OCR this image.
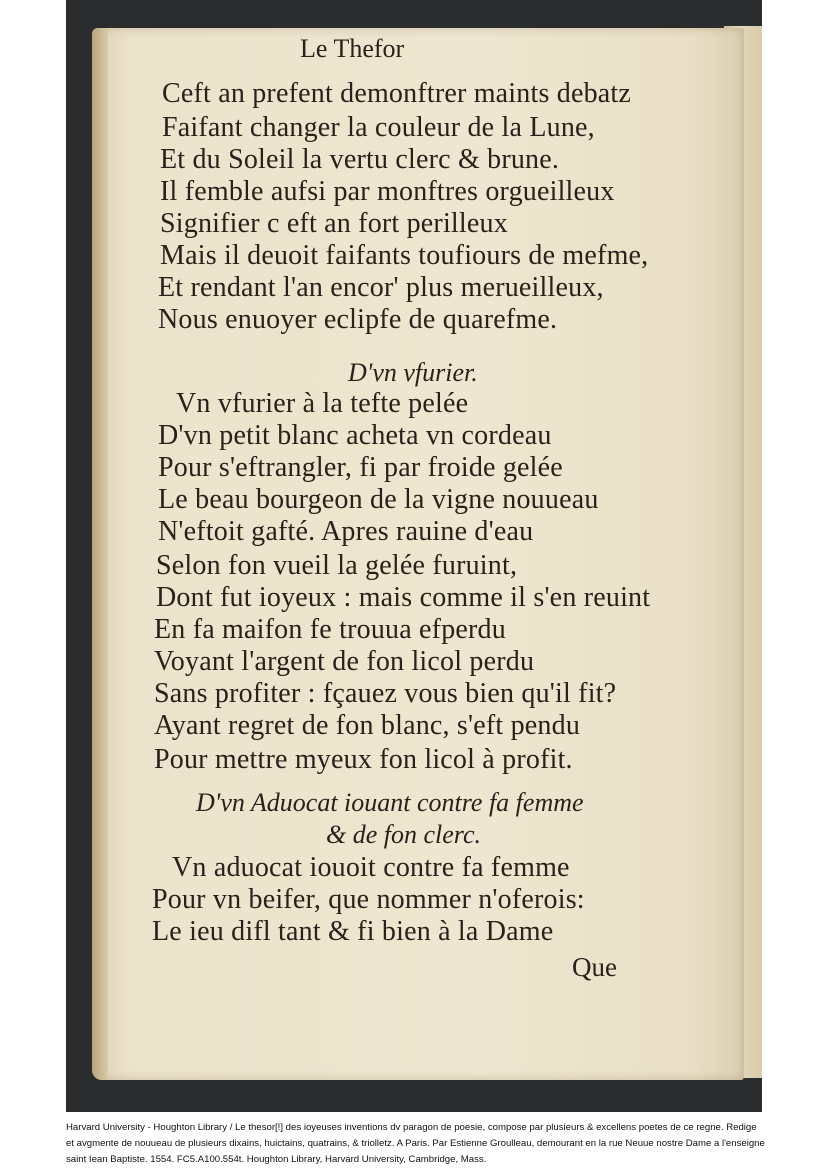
Le Thefor
Ceft an prefent demonftrer maints debatz
Faifant changer la couleur de la Lune,
Et du Soleil la vertu clerc & brune.
Il femble aufsi par monftres orgueilleux
Signifier c eft an fort perilleux
Mais il deuoit faifants toufiours de mefme,
Et rendant l'an encor' plus merueilleux,
Nous enuoyer eclipfe de quarefme.
D'vn vfurier.
Vn vfurier à la tefte pelée
D'vn petit blanc acheta vn cordeau
Pour s'eftrangler, fi par froide gelée
Le beau bourgeon de la vigne nouueau
N'eftoit gafté. Apres rauine d'eau
Selon fon vueil la gelée furuint,
Dont fut ioyeux : mais comme il s'en reuint
En fa maifon fe trouua efperdu
Voyant l'argent de fon licol perdu
Sans profiter : fçauez vous bien qu'il fit?
Ayant regret de fon blanc, s'eft pendu
Pour mettre myeux fon licol à profit.
D'vn Aduocat iouant contre fa femme
& de fon clerc.
Vn aduocat iouoit contre fa femme
Pour vn beifer, que nommer n'oferois:
Le ieu difl tant & fi bien à la Dame
Que
Harvard University - Houghton Library / Le thesor[!] des ioyeuses inventions dv paragon de poesie, compose par plusieurs & excellens poetes de ce regne. Redige et avgmente de nouueau de plusieurs dixains, huictains, quatrains, & triolletz. A Paris. Par Estienne Groulleau, demourant en la rue Neuue nostre Dame a l'enseigne saint Iean Baptiste. 1554. FC5.A100.554t. Houghton Library, Harvard University, Cambridge, Mass.
